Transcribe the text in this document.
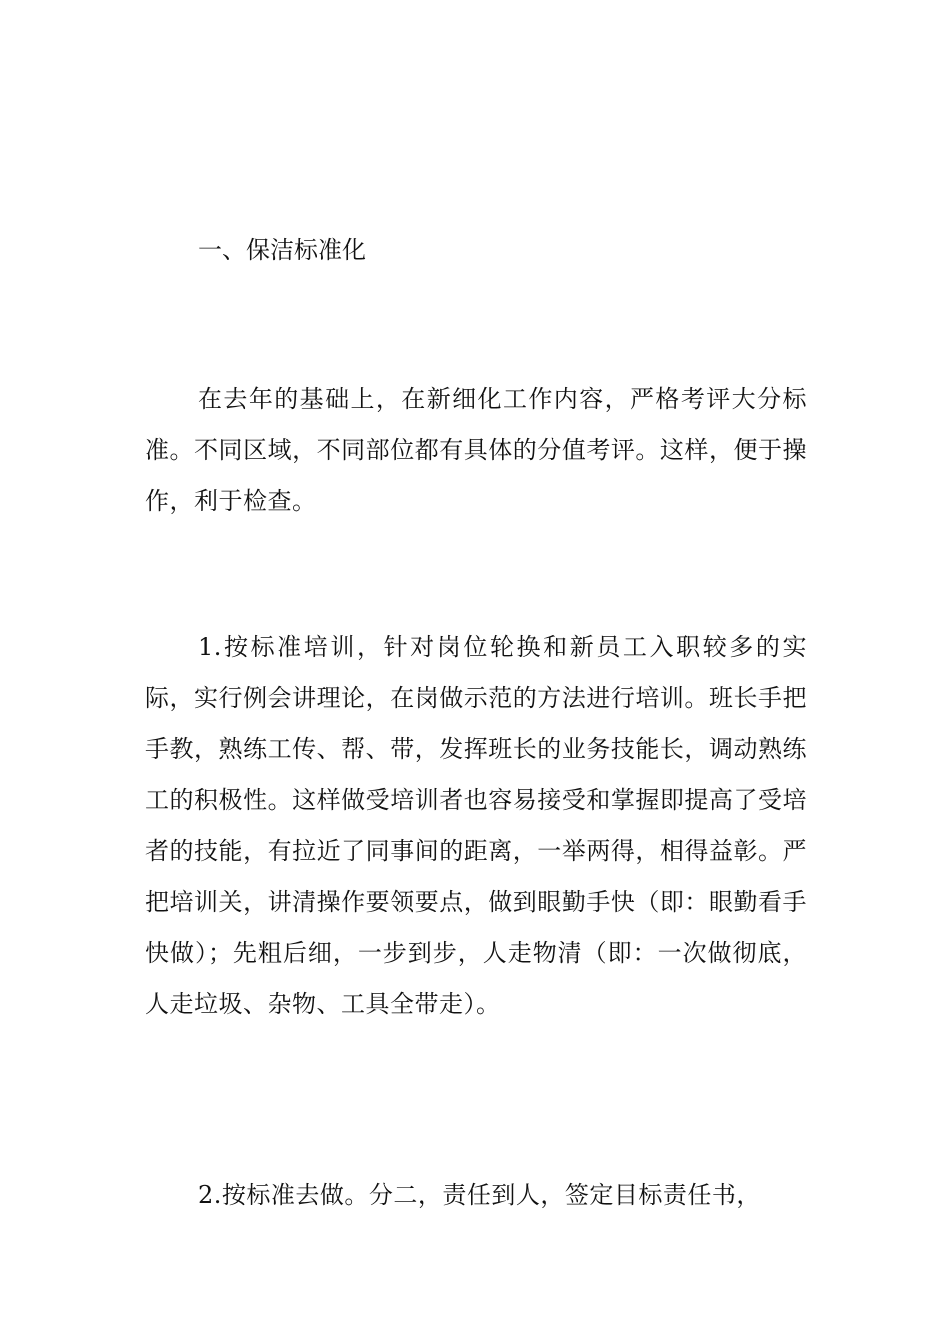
一、保洁标准化

在去年的基础上，在新细化工作内容，严格考评大分标准。不同区域，不同部位都有具体的分值考评。这样，便于操作，利于检查。

1.按标准培训，针对岗位轮换和新员工入职较多的实际，实行例会讲理论，在岗做示范的方法进行培训。班长手把手教，熟练工传、帮、带，发挥班长的业务技能长，调动熟练工的积极性。这样做受培训者也容易接受和掌握即提高了受培者的技能，有拉近了同事间的距离，一举两得，相得益彰。严把培训关，讲清操作要领要点，做到眼勤手快（即：眼勤看手快做）；先粗后细，一步到步，人走物清（即：一次做彻底，人走垃圾、杂物、工具全带走）。

2.按标准去做。分二，责任到人，签定目标责任书，
